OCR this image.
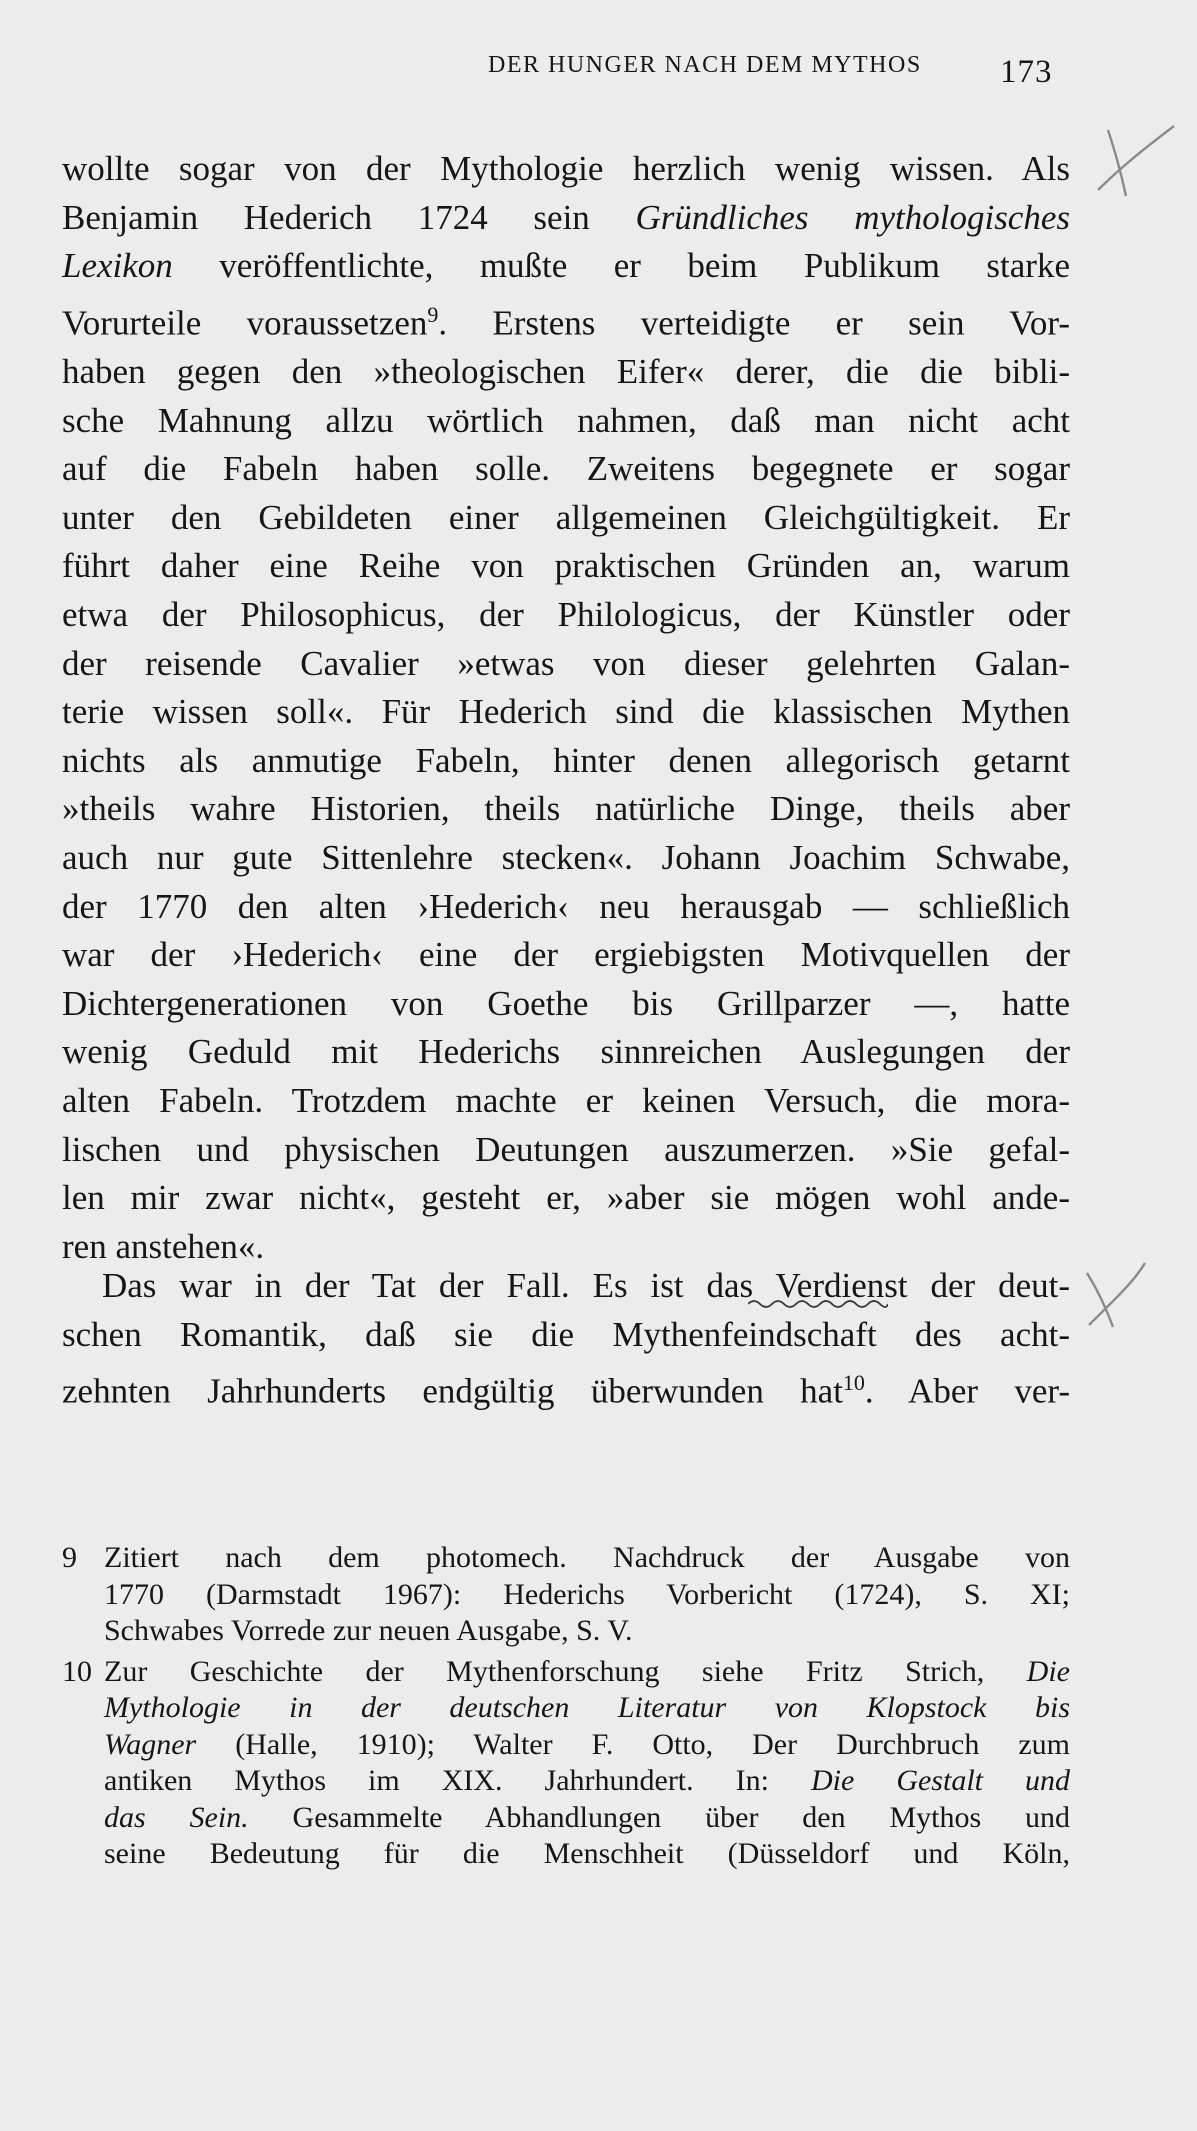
DER HUNGER NACH DEM MYTHOS 173
wollte sogar von der Mythologie herzlich wenig wissen. Als
Benjamin Hederich 1724 sein Gründliches mythologisches
Lexikon veröffentlichte, mußte er beim Publikum starke
Vorurteile voraussetzen$^9$. Erstens verteidigte er sein Vor-
haben gegen den »theologischen Eifer« derer, die die bibli-
sche Mahnung allzu wörtlich nahmen, daß man nicht acht
auf die Fabeln haben solle. Zweitens begegnete er sogar
unter den Gebildeten einer allgemeinen Gleichgültigkeit. Er
führt daher eine Reihe von praktischen Gründen an, warum
etwa der Philosophicus, der Philologicus, der Künstler oder
der reisende Cavalier »etwas von dieser gelehrten Galan-
terie wissen soll«. Für Hederich sind die klassischen Mythen
nichts als anmutige Fabeln, hinter denen allegorisch getarnt
»theils wahre Historien, theils natürliche Dinge, theils aber
auch nur gute Sittenlehre stecken«. Johann Joachim Schwabe,
der 1770 den alten ›Hederich‹ neu herausgab — schließlich
war der ›Hederich‹ eine der ergiebigsten Motivquellen der
Dichtergenerationen von Goethe bis Grillparzer —, hatte
wenig Geduld mit Hederichs sinnreichen Auslegungen der
alten Fabeln. Trotzdem machte er keinen Versuch, die mora-
lischen und physischen Deutungen auszumerzen. »Sie gefal-
len mir zwar nicht«, gesteht er, »aber sie mögen wohl ande-
ren anstehen«.
Das war in der Tat der Fall. Es ist das Verdienst der deut-
schen Romantik, daß sie die Mythenfeindschaft des acht-
zehnten Jahrhunderts endgültig überwunden hat$^{10}$. Aber ver-
9 Zitiert nach dem photomech. Nachdruck der Ausgabe von
1770 (Darmstadt 1967): Hederichs Vorbericht (1724), S. XI;
Schwabes Vorrede zur neuen Ausgabe, S. V.
10 Zur Geschichte der Mythenforschung siehe Fritz Strich, Die
Mythologie in der deutschen Literatur von Klopstock bis
Wagner (Halle, 1910); Walter F. Otto, Der Durchbruch zum
antiken Mythos im XIX. Jahrhundert. In: Die Gestalt und
das Sein. Gesammelte Abhandlungen über den Mythos und
seine Bedeutung für die Menschheit (Düsseldorf und Köln,
